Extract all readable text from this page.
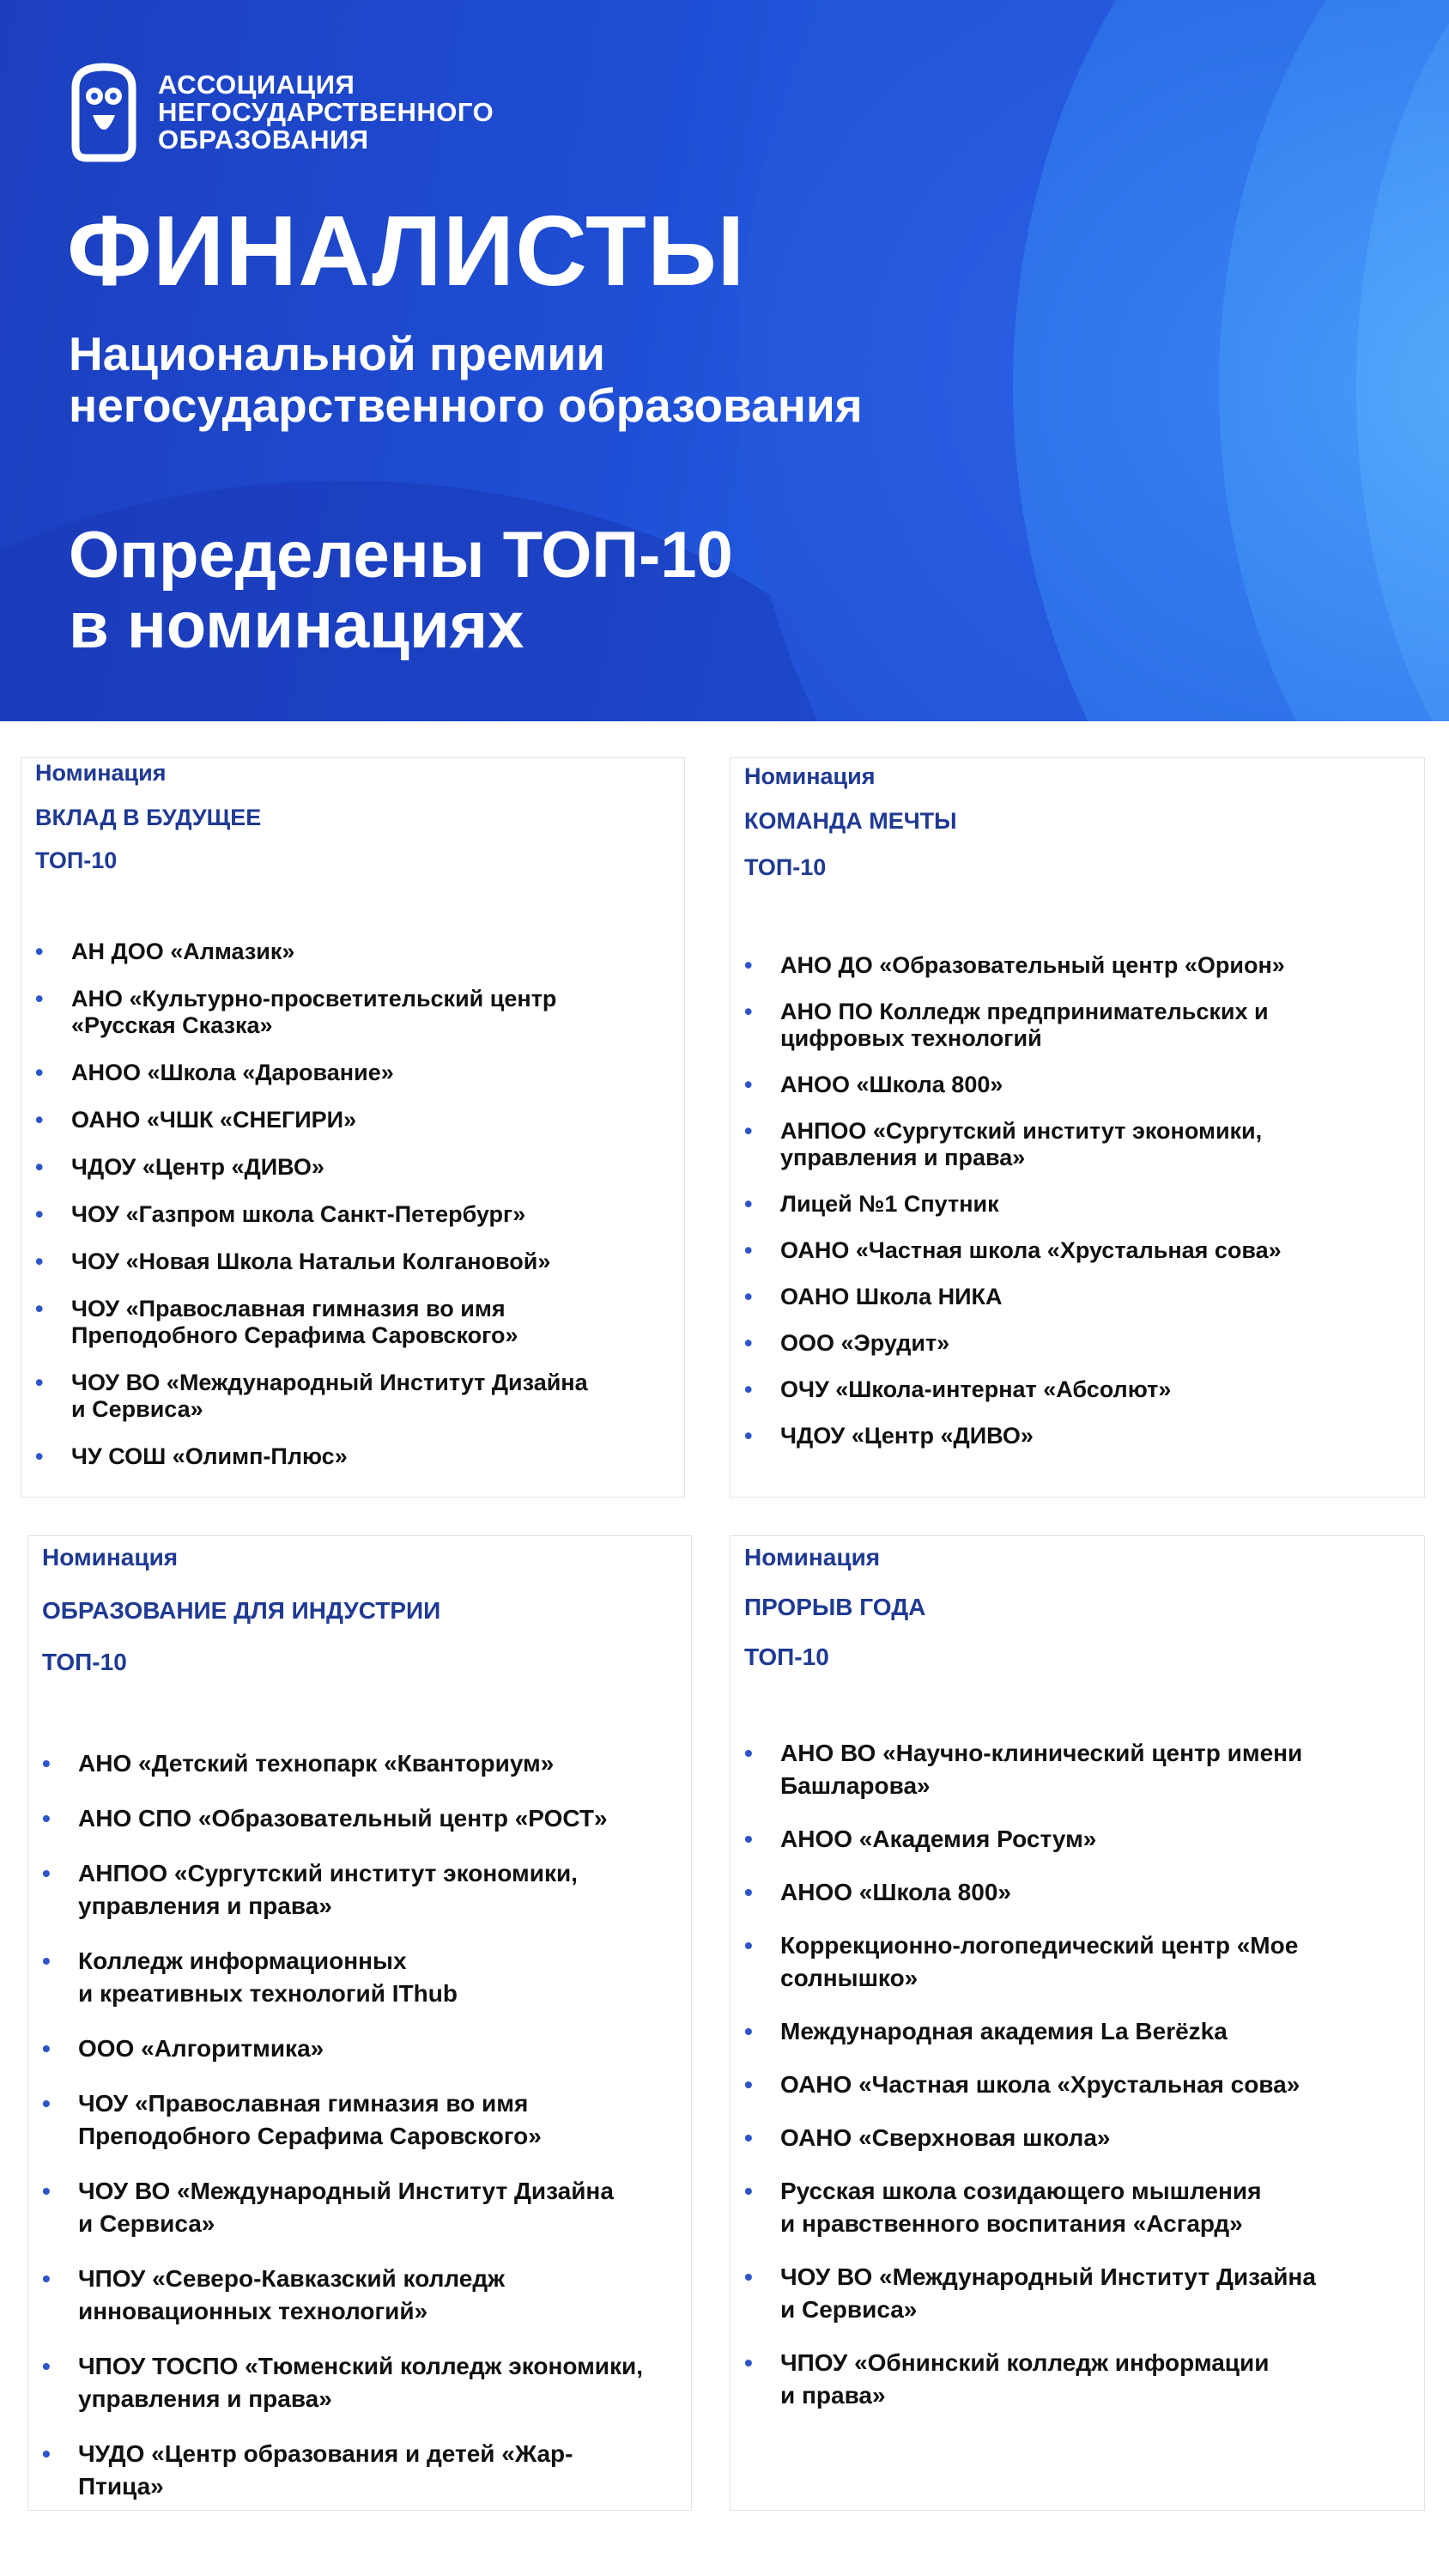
АССОЦИАЦИЯ
НЕГОСУДАРСТВЕННОГО
ОБРАЗОВАНИЯ
ФИНАЛИСТЫ
Национальной премии
негосударственного образования
Определены ТОП-10
в номинациях
Номинация
ВКЛАД В БУДУЩЕЕ
ТОП-10
• АН ДОО «Алмазик»
• АНО «Культурно-просветительский центр
«Русская Сказка»
• АНОО «Школа «Дарование»
• ОАНО «ЧШК «СНЕГИРИ»
• ЧДОУ «Центр «ДИВО»
• ЧОУ «Газпром школа Санкт-Петербург»
• ЧОУ «Новая Школа Натальи Колгановой»
• ЧОУ «Православная гимназия во имя
Преподобного Серафима Саровского»
• ЧОУ ВО «Международный Институт Дизайна
и Сервиса»
• ЧУ СОШ «Олимп-Плюс»
Номинация
КОМАНДА МЕЧТЫ
ТОП-10
• АНО ДО «Образовательный центр «Орион»
• АНО ПО Колледж предпринимательских и
цифровых технологий
• АНОО «Школа 800»
• АНПОО «Сургутский институт экономики,
управления и права»
• Лицей №1 Спутник
• ОАНО «Частная школа «Хрустальная сова»
• ОАНО Школа НИКА
• ООО «Эрудит»
• ОЧУ «Школа-интернат «Абсолют»
• ЧДОУ «Центр «ДИВО»
Номинация
ОБРАЗОВАНИЕ ДЛЯ ИНДУСТРИИ
ТОП-10
• АНО «Детский технопарк «Кванториум»
• АНО СПО «Образовательный центр «РОСТ»
• АНПОО «Сургутский институт экономики,
управления и права»
• Колледж информационных
и креативных технологий IThub
• ООО «Алгоритмика»
• ЧОУ «Православная гимназия во имя
Преподобного Серафима Саровского»
• ЧОУ ВО «Международный Институт Дизайна
и Сервиса»
• ЧПОУ «Северо-Кавказский колледж
инновационных технологий»
• ЧПОУ ТОСПО «Тюменский колледж экономики,
управления и права»
• ЧУДО «Центр образования и детей «Жар-
Птица»
Номинация
ПРОРЫВ ГОДА
ТОП-10
• АНО ВО «Научно-клинический центр имени
Башларова»
• АНОО «Академия Ростум»
• АНОО «Школа 800»
• Коррекционно-логопедический центр «Мое
солнышко»
• Международная академия La Berëzka
• ОАНО «Частная школа «Хрустальная сова»
• ОАНО «Сверхновая школа»
• Русская школа созидающего мышления
и нравственного воспитания «Асгард»
• ЧОУ ВО «Международный Институт Дизайна
и Сервиса»
• ЧПОУ «Обнинский колледж информации
и права»
